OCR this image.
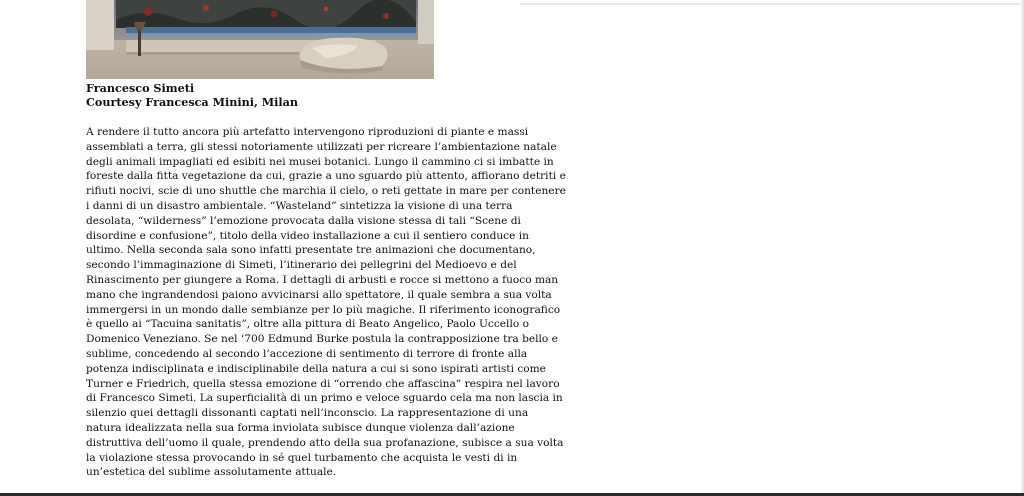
Francesco Simeti
Courtesy Francesca Minini, Milan

A rendere il tutto ancora più artefatto intervengono riproduzioni di piante e massi
assemblati a terra, gli stessi notoriamente utilizzati per ricreare l’ambientazione natale
degli animali impagliati ed esibiti nei musei botanici. Lungo il cammino ci si imbatte in
foreste dalla fitta vegetazione da cui, grazie a uno sguardo più attento, affiorano detriti e
rifiuti nocivi, scie di uno shuttle che marchia il cielo, o reti gettate in mare per contenere
i danni di un disastro ambientale. “Wasteland” sintetizza la visione di una terra
desolata, “wilderness” l’emozione provocata dalla visione stessa di tali “Scene di
disordine e confusione”, titolo della video installazione a cui il sentiero conduce in
ultimo. Nella seconda sala sono infatti presentate tre animazioni che documentano,
secondo l’immaginazione di Simeti, l’itinerario dei pellegrini del Medioevo e del
Rinascimento per giungere a Roma. I dettagli di arbusti e rocce si mettono a fuoco man
mano che ingrandendosi paiono avvicinarsi allo spettatore, il quale sembra a sua volta
immergersi in un mondo dalle sembianze per lo più magiche. Il riferimento iconografico
è quello ai “Tacuina sanitatis”, oltre alla pittura di Beato Angelico, Paolo Uccello o
Domenico Veneziano. Se nel ‘700 Edmund Burke postula la contrapposizione tra bello e
sublime, concedendo al secondo l’accezione di sentimento di terrore di fronte alla
potenza indisciplinata e indisciplinabile della natura a cui si sono ispirati artisti come
Turner e Friedrich, quella stessa emozione di “orrendo che affascina” respira nel lavoro
di Francesco Simeti. La superficialità di un primo e veloce sguardo cela ma non lascia in
silenzio quei dettagli dissonanti captati nell’inconscio. La rappresentazione di una
natura idealizzata nella sua forma inviolata subisce dunque violenza dall’azione
distruttiva dell’uomo il quale, prendendo atto della sua profanazione, subisce a sua volta
la violazione stessa provocando in sé quel turbamento che acquista le vesti di in
un’estetica del sublime assolutamente attuale.
